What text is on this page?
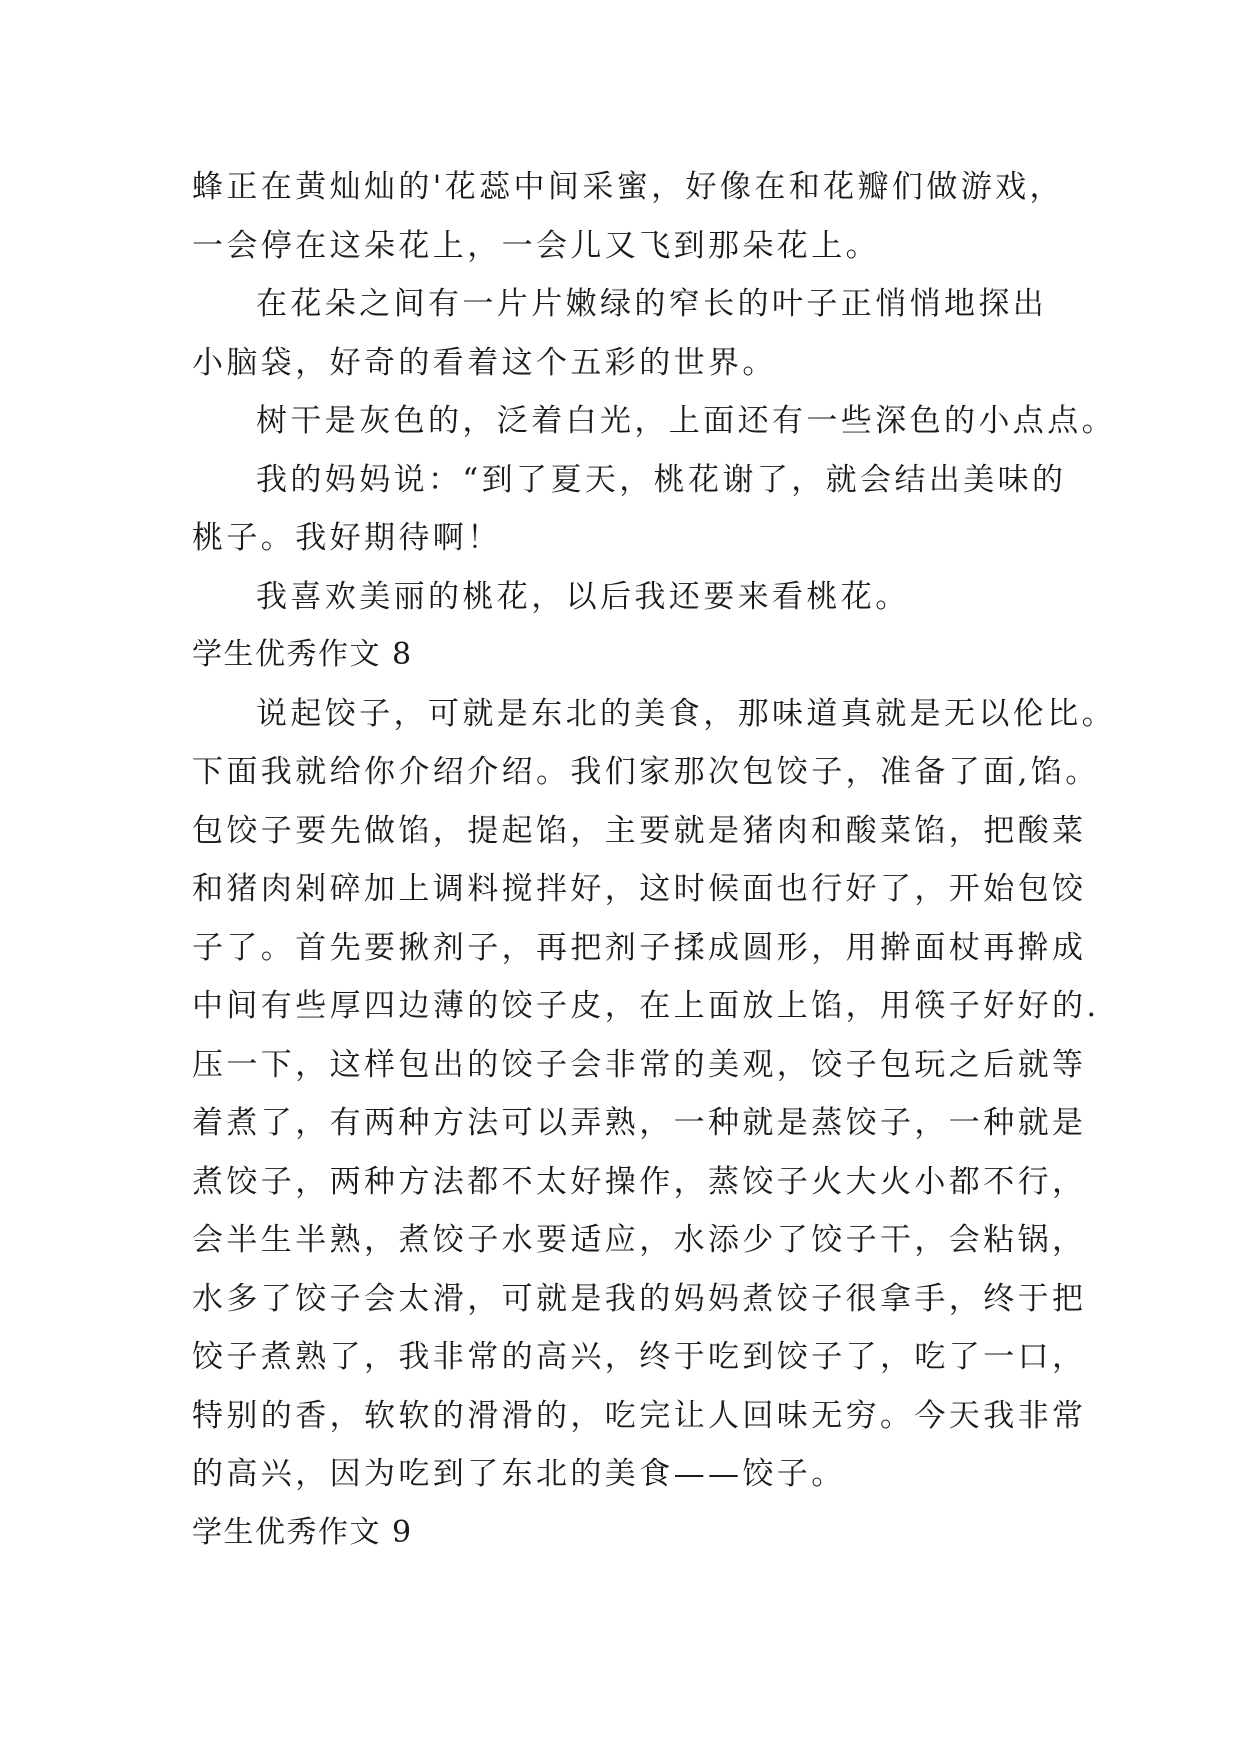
蜂正在黄灿灿的'花蕊中间采蜜，好像在和花瓣们做游戏，
一会停在这朵花上，一会儿又飞到那朵花上。
在花朵之间有一片片嫩绿的窄长的叶子正悄悄地探出
小脑袋，好奇的看着这个五彩的世界。
树干是灰色的，泛着白光，上面还有一些深色的小点点。
我的妈妈说：“到了夏天，桃花谢了，就会结出美味的
桃子。我好期待啊！
我喜欢美丽的桃花，以后我还要来看桃花。
学生优秀作文 8
说起饺子，可就是东北的美食，那味道真就是无以伦比。
下面我就给你介绍介绍。我们家那次包饺子，准备了面,馅。
包饺子要先做馅，提起馅，主要就是猪肉和酸菜馅，把酸菜
和猪肉剁碎加上调料搅拌好，这时候面也行好了，开始包饺
子了。首先要揪剂子，再把剂子揉成圆形，用擀面杖再擀成
中间有些厚四边薄的饺子皮，在上面放上馅，用筷子好好的.
压一下，这样包出的饺子会非常的美观，饺子包玩之后就等
着煮了，有两种方法可以弄熟，一种就是蒸饺子，一种就是
煮饺子，两种方法都不太好操作，蒸饺子火大火小都不行，
会半生半熟，煮饺子水要适应，水添少了饺子干，会粘锅，
水多了饺子会太滑，可就是我的妈妈煮饺子很拿手，终于把
饺子煮熟了，我非常的高兴，终于吃到饺子了，吃了一口，
特别的香，软软的滑滑的，吃完让人回味无穷。今天我非常
的高兴，因为吃到了东北的美食——饺子。
学生优秀作文 9
